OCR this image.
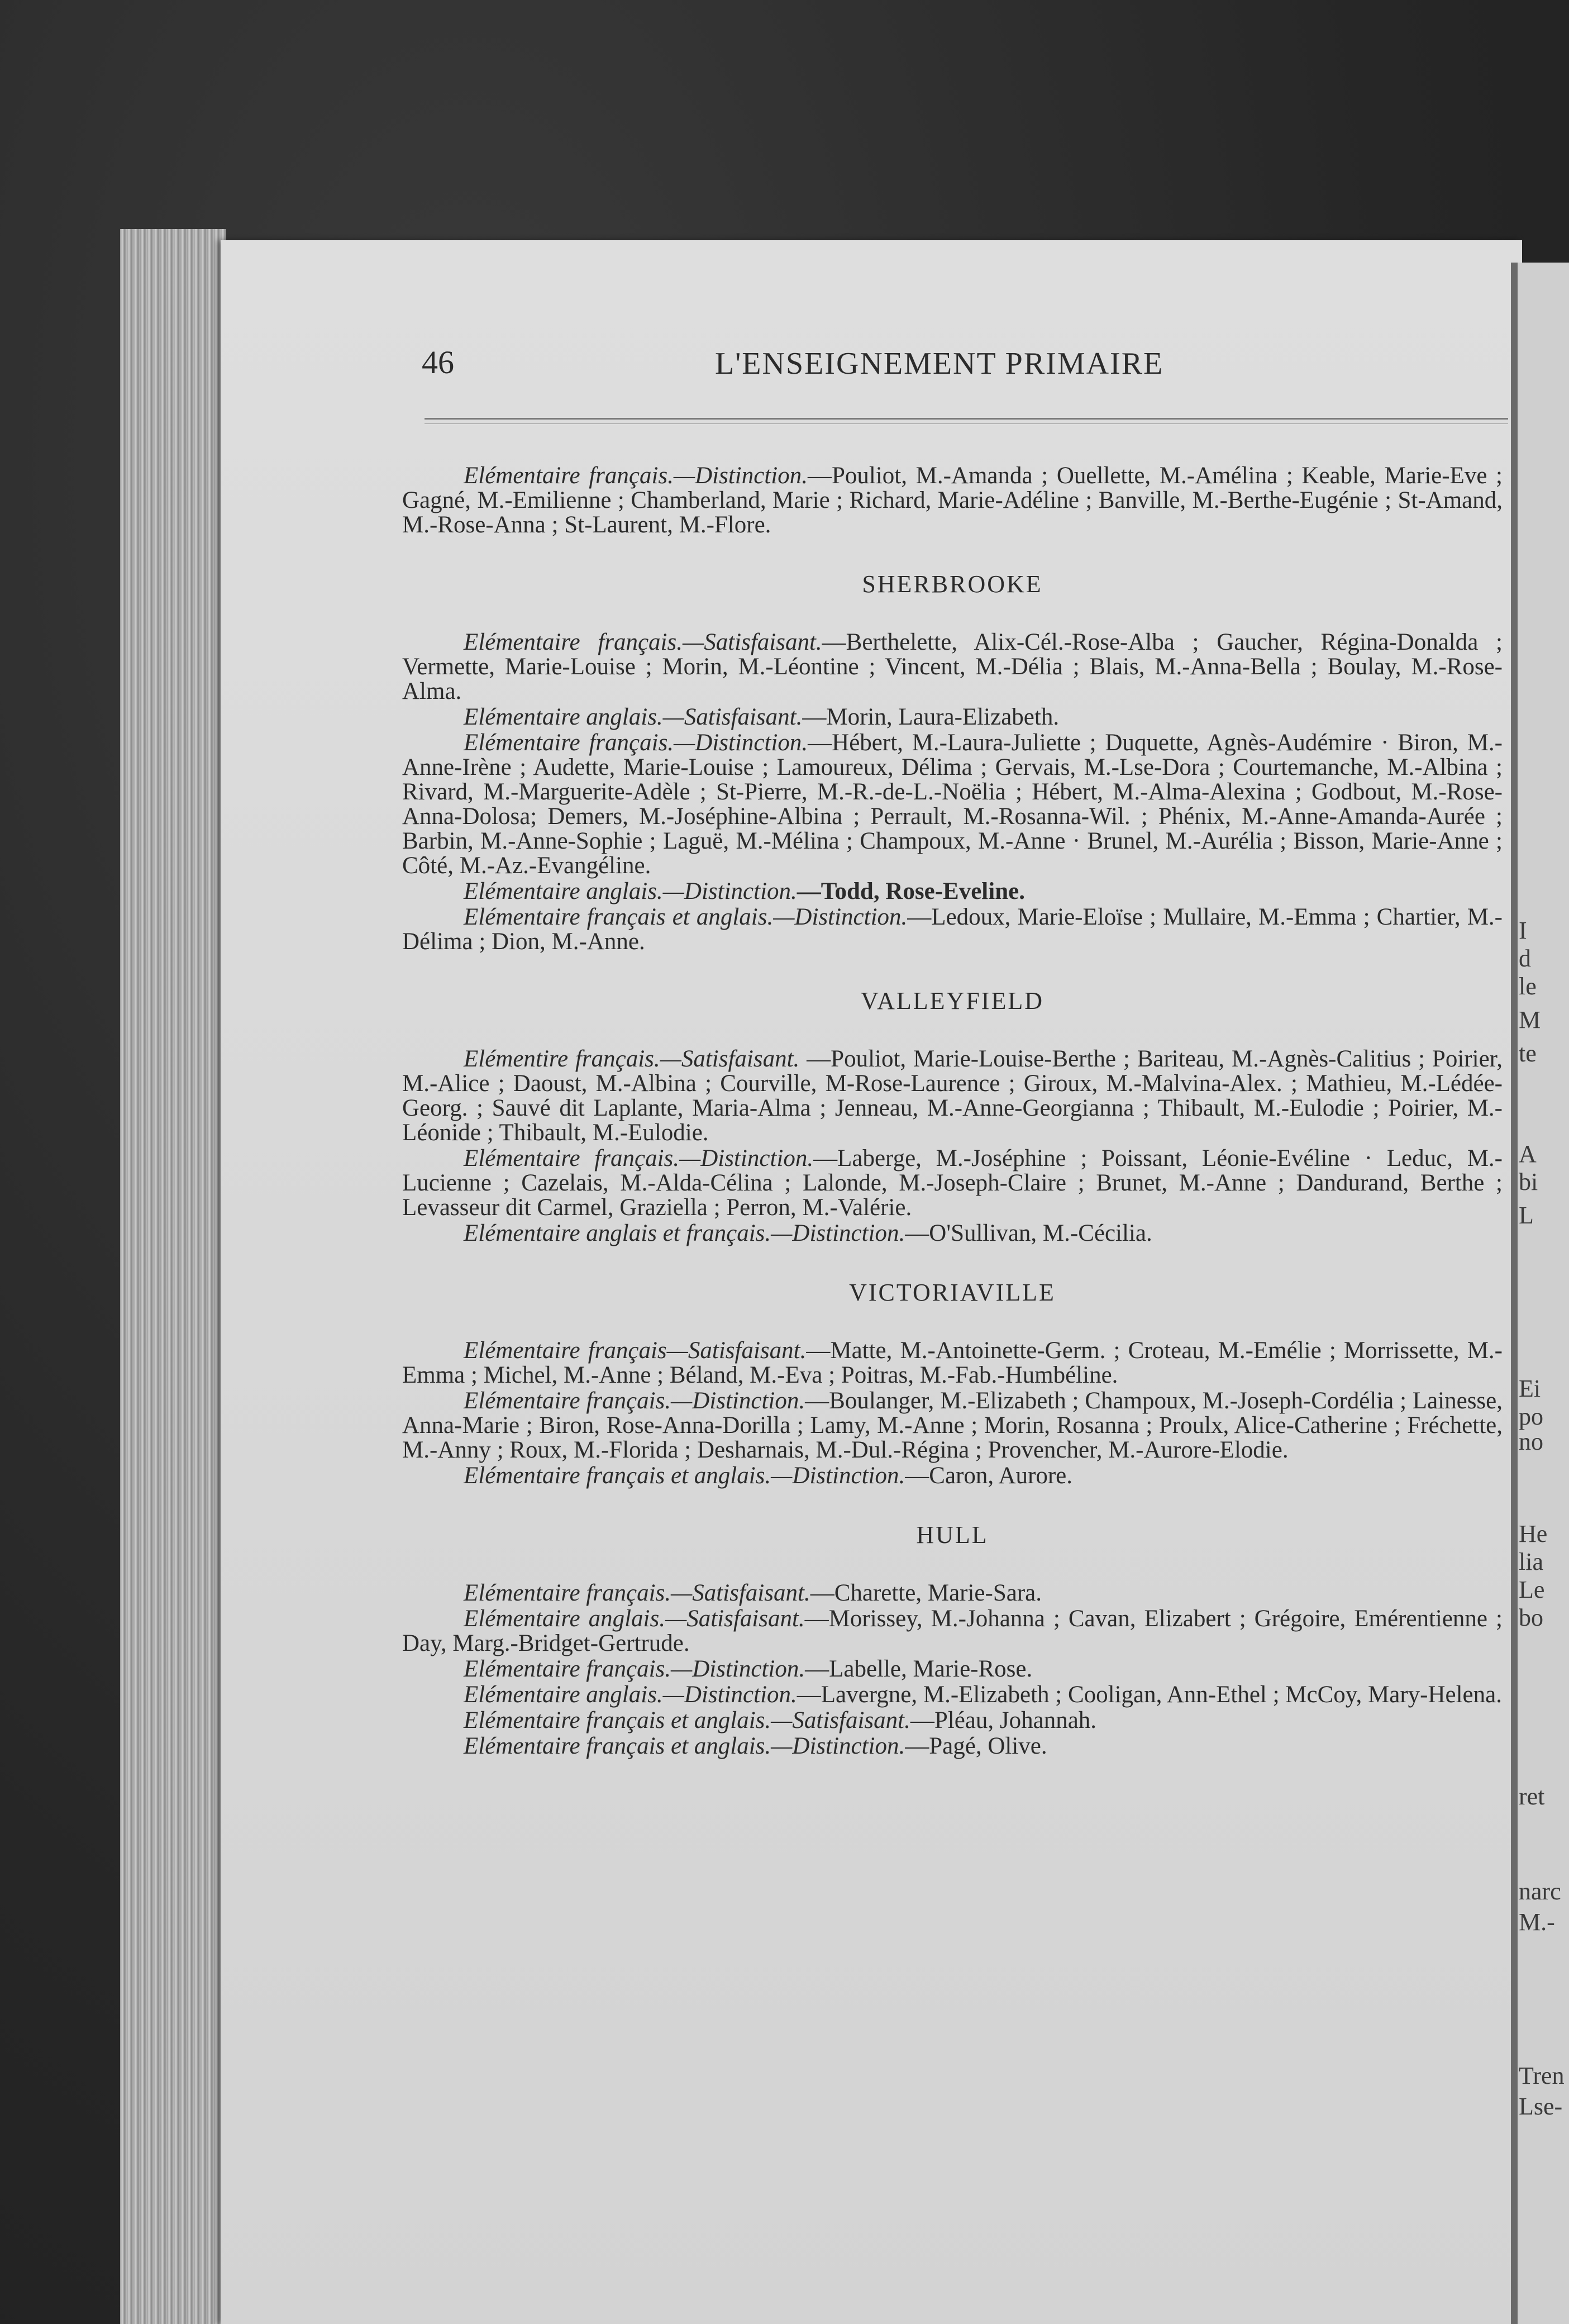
I
d
le
M
te
A
bi
L
Ei
po
no
He
lia
Le
bo
ret
narc
M.-
Tren
Lse-
46	L'ENSEIGNEMENT PRIMAIRE

Elémentaire français.—Distinction.—Pouliot, M.-Amanda ; Ouellette, M.-Amélina ; Keable, Marie-Eve ; Gagné, M.-Emilienne ; Chamberland, Marie ; Richard, Marie-Adéline ; Banville, M.-Berthe-Eugénie ; St-Amand, M.-Rose-Anna ; St-Laurent, M.-Flore.

SHERBROOKE

Elémentaire français.—Satisfaisant.—Berthelette, Alix-Cél.-Rose-Alba ; Gaucher, Régina-Donalda ; Vermette, Marie-Louise ; Morin, M.-Léontine ; Vincent, M.-Délia ; Blais, M.-Anna-Bella ; Boulay, M.-Rose-Alma.

Elémentaire anglais.—Satisfaisant.—Morin, Laura-Elizabeth.

Elémentaire français.—Distinction.—Hébert, M.-Laura-Juliette ; Duquette, Agnès-Audémire · Biron, M.-Anne-Irène ; Audette, Marie-Louise ; Lamoureux, Délima ; Gervais, M.-Lse-Dora ; Courtemanche, M.-Albina ; Rivard, M.-Marguerite-Adèle ; St-Pierre, M.-R.-de-L.-Noëlia ; Hébert, M.-Alma-Alexina ; Godbout, M.-Rose-Anna-Dolosa; Demers, M.-Joséphine-Albina ; Perrault, M.-Rosanna-Wil. ; Phénix, M.-Anne-Amanda-Aurée ; Barbin, M.-Anne-Sophie ; Laguë, M.-Mélina ; Champoux, M.-Anne · Brunel, M.-Aurélia ; Bisson, Marie-Anne ; Côté, M.-Az.-Evangéline.

Elémentaire anglais.—Distinction.—Todd, Rose-Eveline.

Elémentaire français et anglais.—Distinction.—Ledoux, Marie-Eloïse ; Mullaire, M.-Emma ; Chartier, M.-Délima ; Dion, M.-Anne.

VALLEYFIELD

Elémentire français.—Satisfaisant. —Pouliot, Marie-Louise-Berthe ; Bariteau, M.-Agnès-Calitius ; Poirier, M.-Alice ; Daoust, M.-Albina ; Courville, M-Rose-Laurence ; Giroux, M.-Malvina-Alex. ; Mathieu, M.-Lédée-Georg. ; Sauvé dit Laplante, Maria-Alma ; Jenneau, M.-Anne-Georgianna ; Thibault, M.-Eulodie ; Poirier, M.-Léonide ; Thibault, M.-Eulodie.

Elémentaire français.—Distinction.—Laberge, M.-Joséphine ; Poissant, Léonie-Evéline · Leduc, M.-Lucienne ; Cazelais, M.-Alda-Célina ; Lalonde, M.-Joseph-Claire ; Brunet, M.-Anne ; Dandurand, Berthe ; Levasseur dit Carmel, Graziella ; Perron, M.-Valérie.

Elémentaire anglais et français.—Distinction.—O'Sullivan, M.-Cécilia.

VICTORIAVILLE

Elémentaire français—Satisfaisant.—Matte, M.-Antoinette-Germ. ; Croteau, M.-Emélie ; Morrissette, M.-Emma ; Michel, M.-Anne ; Béland, M.-Eva ; Poitras, M.-Fab.-Humbéline.

Elémentaire français.—Distinction.—Boulanger, M.-Elizabeth ; Champoux, M.-Joseph-Cordélia ; Lainesse, Anna-Marie ; Biron, Rose-Anna-Dorilla ; Lamy, M.-Anne ; Morin, Rosanna ; Proulx, Alice-Catherine ; Fréchette, M.-Anny ; Roux, M.-Florida ; Desharnais, M.-Dul.-Régina ; Provencher, M.-Aurore-Elodie.

Elémentaire français et anglais.—Distinction.—Caron, Aurore.

HULL

Elémentaire français.—Satisfaisant.—Charette, Marie-Sara.

Elémentaire anglais.—Satisfaisant.—Morissey, M.-Johanna ; Cavan, Elizabert ; Grégoire, Emérentienne ; Day, Marg.-Bridget-Gertrude.

Elémentaire français.—Distinction.—Labelle, Marie-Rose.

Elémentaire anglais.—Distinction.—Lavergne, M.-Elizabeth ; Cooligan, Ann-Ethel ; McCoy, Mary-Helena.

Elémentaire français et anglais.—Satisfaisant.—Pléau, Johannah.

Elémentaire français et anglais.—Distinction.—Pagé, Olive.
